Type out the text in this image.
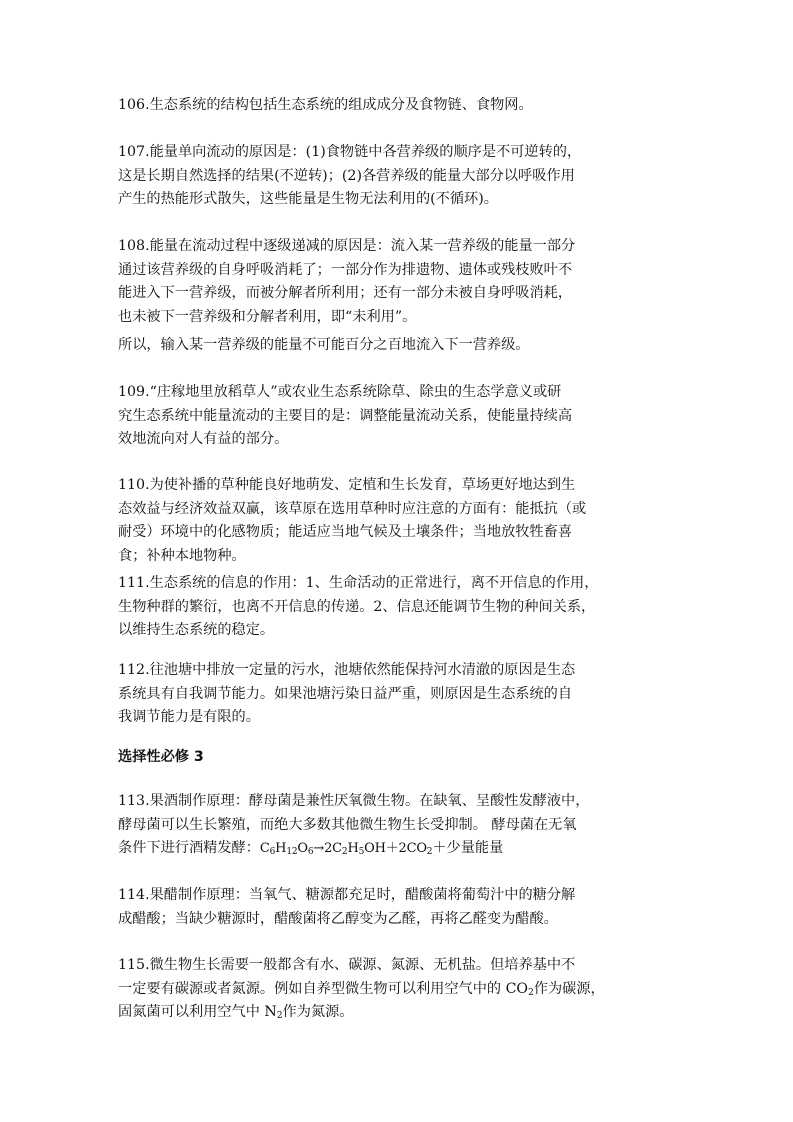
106.生态系统的结构包括生态系统的组成成分及食物链、食物网。
107.能量单向流动的原因是：(1)食物链中各营养级的顺序是不可逆转的，
这是长期自然选择的结果(不逆转)；(2)各营养级的能量大部分以呼吸作用
产生的热能形式散失，这些能量是生物无法利用的(不循环)。
108.能量在流动过程中逐级递减的原因是：流入某一营养级的能量一部分
通过该营养级的自身呼吸消耗了；一部分作为排遗物、遗体或残枝败叶不
能进入下一营养级，而被分解者所利用；还有一部分未被自身呼吸消耗，
也未被下一营养级和分解者利用，即“未利用”。
所以，输入某一营养级的能量不可能百分之百地流入下一营养级。
109.“庄稼地里放稻草人”或农业生态系统除草、除虫的生态学意义或研
究生态系统中能量流动的主要目的是：调整能量流动关系，使能量持续高
效地流向对人有益的部分。
110.为使补播的草种能良好地萌发、定植和生长发育，草场更好地达到生
态效益与经济效益双赢，该草原在选用草种时应注意的方面有：能抵抗（或
耐受）环境中的化感物质；能适应当地气候及土壤条件；当地放牧牲畜喜
食；补种本地物种。
111.生态系统的信息的作用：1、生命活动的正常进行，离不开信息的作用，
生物种群的繁衍，也离不开信息的传递。2、信息还能调节生物的种间关系，
以维持生态系统的稳定。
112.往池塘中排放一定量的污水，池塘依然能保持河水清澈的原因是生态
系统具有自我调节能力。如果池塘污染日益严重，则原因是生态系统的自
我调节能力是有限的。
选择性必修 3
113.果酒制作原理：酵母菌是兼性厌氧微生物。在缺氧、呈酸性发酵液中，
酵母菌可以生长繁殖，而绝大多数其他微生物生长受抑制。 酵母菌在无氧
条件下进行酒精发酵：$C_6H_{12}O_6\to 2C_2H_5OH+2CO_2+$少量能量
114.果醋制作原理：当氧气、糖源都充足时，醋酸菌将葡萄汁中的糖分解
成醋酸；当缺少糖源时，醋酸菌将乙醇变为乙醛，再将乙醛变为醋酸。
115.微生物生长需要一般都含有水、碳源、氮源、无机盐。但培养基中不
一定要有碳源或者氮源。例如自养型微生物可以利用空气中的 $CO_2$作为碳源，
固氮菌可以利用空气中 $N_2$作为氮源。
